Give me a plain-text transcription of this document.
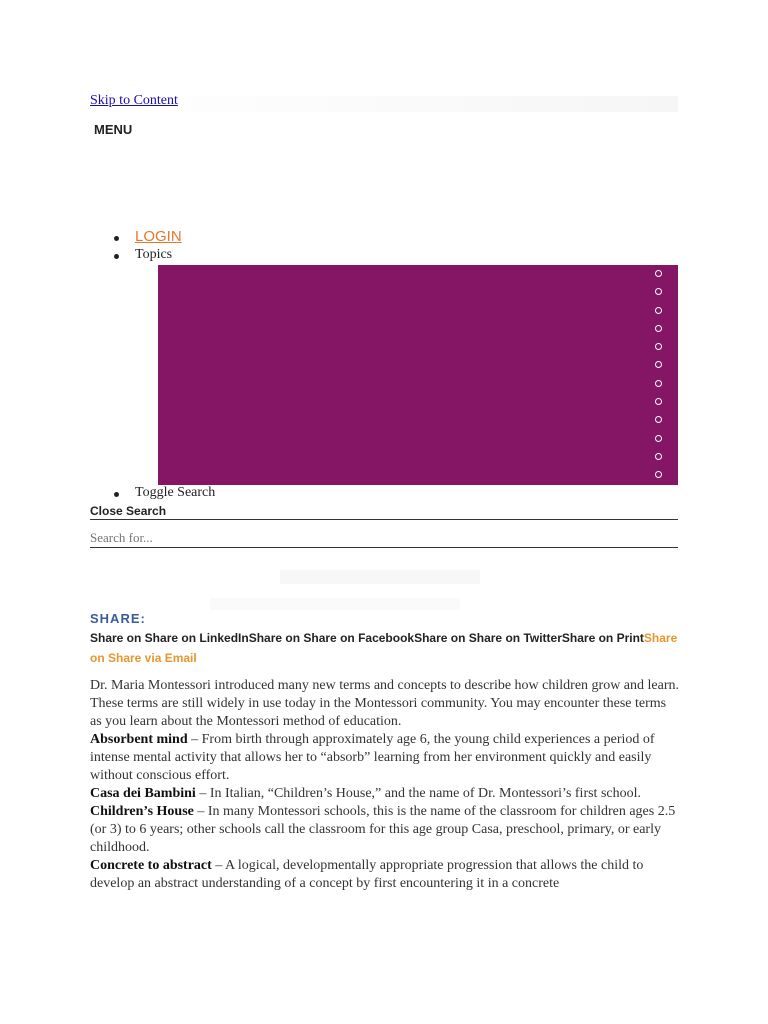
Skip to Content
MENU
LOGIN
Topics
Toggle Search
Close Search
Search for...
SHARE:
Share on Share on LinkedInShare on Share on FacebookShare on Share on TwitterShare on PrintShare on Share via Email

Dr. Maria Montessori introduced many new terms and concepts to describe how children grow and learn. These terms are still widely in use today in the Montessori community. You may encounter these terms as you learn about the Montessori method of education.

Absorbent mind – From birth through approximately age 6, the young child experiences a period of intense mental activity that allows her to “absorb” learning from her environment quickly and easily without conscious effort.

Casa dei Bambini – In Italian, “Children’s House,” and the name of Dr. Montessori’s first school.

Children’s House – In many Montessori schools, this is the name of the classroom for children ages 2.5 (or 3) to 6 years; other schools call the classroom for this age group Casa, preschool, primary, or early childhood.

Concrete to abstract – A logical, developmentally appropriate progression that allows the child to develop an abstract understanding of a concept by first encountering it in a concrete
